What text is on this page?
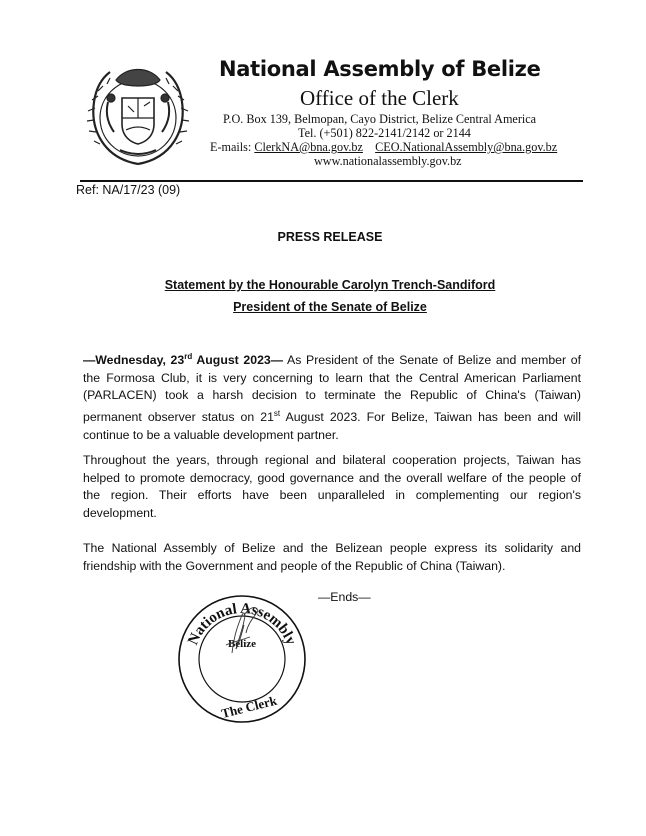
National Assembly of Belize
Office of the Clerk
P.O. Box 139, Belmopan, Cayo District, Belize Central America
Tel. (+501) 822-2141/2142 or 2144
E-mails: ClerkNA@bna.gov.bz CEO.NationalAssembly@bna.gov.bz
www.nationalassembly.gov.bz
Ref: NA/17/23 (09)
PRESS RELEASE
Statement by the Honourable Carolyn Trench-Sandiford
President of the Senate of Belize
—Wednesday, 23rd August 2023— As President of the Senate of Belize and member of the Formosa Club, it is very concerning to learn that the Central American Parliament (PARLACEN) took a harsh decision to terminate the Republic of China's (Taiwan) permanent observer status on 21st August 2023. For Belize, Taiwan has been and will continue to be a valuable development partner.
Throughout the years, through regional and bilateral cooperation projects, Taiwan has helped to promote democracy, good governance and the overall welfare of the people of the region. Their efforts have been unparalleled in complementing our region's development.
The National Assembly of Belize and the Belizean people express its solidarity and friendship with the Government and people of the Republic of China (Taiwan).
—Ends—
National Assembly
Belize
The Clerk
